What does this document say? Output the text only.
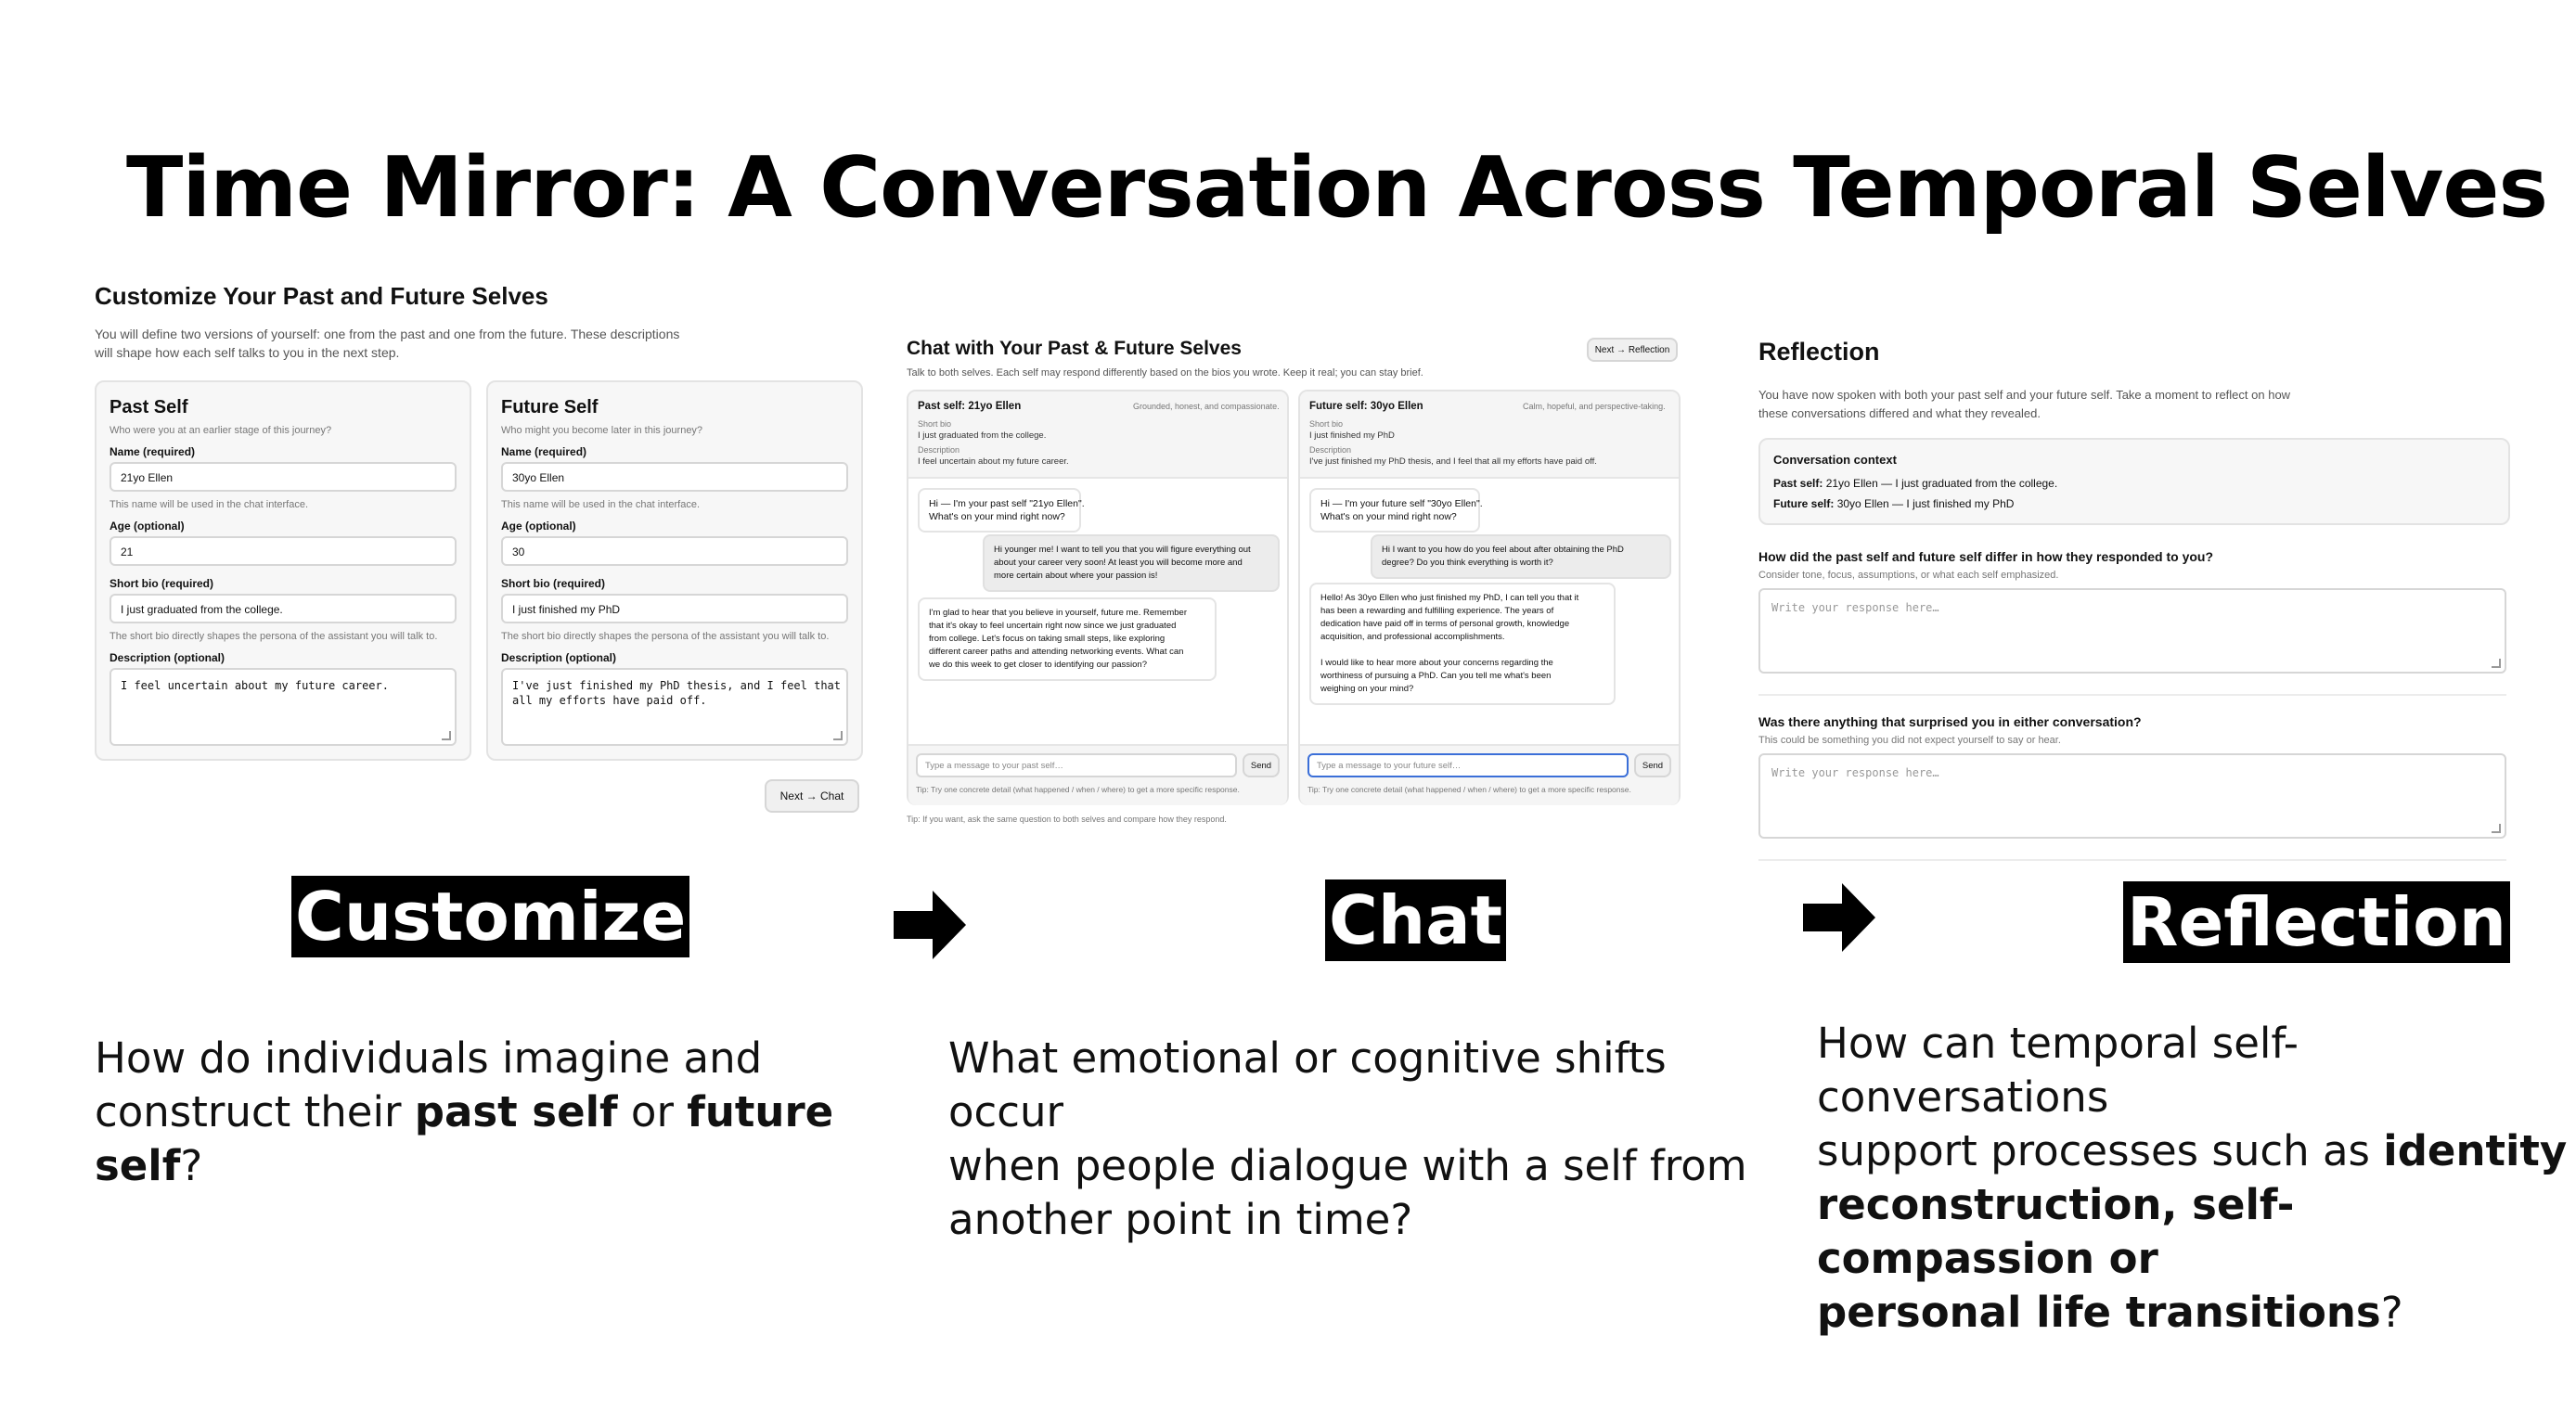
Time Mirror: A Conversation Across Temporal Selves
Customize Your Past and Future Selves
You will define two versions of yourself: one from the past and one from the future. These descriptions
will shape how each self talks to you in the next step.
Past Self
Who were you at an earlier stage of this journey?
Name (required)
21yo Ellen
This name will be used in the chat interface.
Age (optional)
21
Short bio (required)
I just graduated from the college.
The short bio directly shapes the persona of the assistant you will talk to.
Description (optional)
I feel uncertain about my future career.
Future Self
Who might you become later in this journey?
Name (required)
30yo Ellen
This name will be used in the chat interface.
Age (optional)
30
Short bio (required)
I just finished my PhD
The short bio directly shapes the persona of the assistant you will talk to.
Description (optional)
I've just finished my PhD thesis, and I feel that
all my efforts have paid off.
Next → Chat
Chat with Your Past & Future Selves
Talk to both selves. Each self may respond differently based on the bios you wrote. Keep it real; you can stay brief.
Next → Reflection
Past self: 21yo Ellen	Grounded, honest, and compassionate.
Short bio
I just graduated from the college.
Description
I feel uncertain about my future career.
Hi — I'm your past self "21yo Ellen".
What's on your mind right now?
Hi younger me! I want to tell you that you will figure everything out
about your career very soon! At least you will become more and
more certain about where your passion is!
I'm glad to hear that you believe in yourself, future me. Remember
that it's okay to feel uncertain right now since we just graduated
from college. Let's focus on taking small steps, like exploring
different career paths and attending networking events. What can
we do this week to get closer to identifying our passion?
Type a message to your past self…	Send
Tip: Try one concrete detail (what happened / when / where) to get a more specific response.
Future self: 30yo Ellen	Calm, hopeful, and perspective-taking.
Short bio
I just finished my PhD
Description
I've just finished my PhD thesis, and I feel that all my efforts have paid off.
Hi — I'm your future self "30yo Ellen".
What's on your mind right now?
Hi I want to you how do you feel about after obtaining the PhD
degree? Do you think everything is worth it?
Hello! As 30yo Ellen who just finished my PhD, I can tell you that it
has been a rewarding and fulfilling experience. The years of
dedication have paid off in terms of personal growth, knowledge
acquisition, and professional accomplishments.
I would like to hear more about your concerns regarding the
worthiness of pursuing a PhD. Can you tell me what's been
weighing on your mind?
Type a message to your future self…	Send
Tip: Try one concrete detail (what happened / when / where) to get a more specific response.
Tip: If you want, ask the same question to both selves and compare how they respond.
Reflection
You have now spoken with both your past self and your future self. Take a moment to reflect on how
these conversations differed and what they revealed.
Conversation context
Past self: 21yo Ellen — I just graduated from the college.
Future self: 30yo Ellen — I just finished my PhD
How did the past self and future self differ in how they responded to you?
Consider tone, focus, assumptions, or what each self emphasized.
Write your response here…
Was there anything that surprised you in either conversation?
This could be something you did not expect yourself to say or hear.
Write your response here…
Customize	Chat	Reflection
How do individuals imagine and
construct their past self or future
self?
What emotional or cognitive shifts occur
when people dialogue with a self from
another point in time?
How can temporal self-conversations
support processes such as identity
reconstruction, self-compassion or
personal life transitions?
